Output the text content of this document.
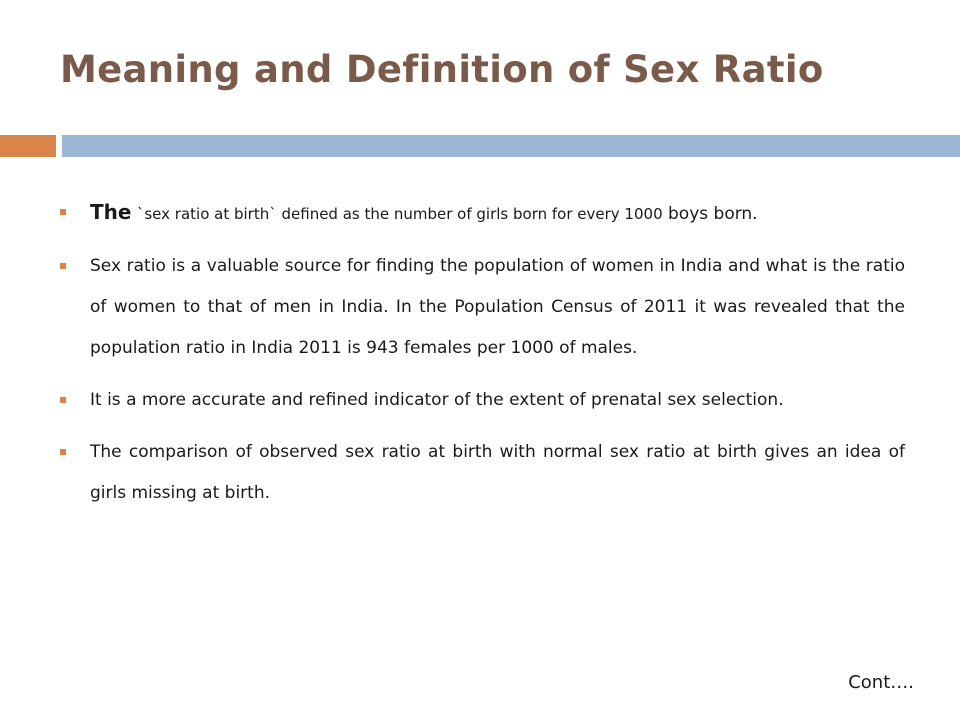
Meaning and Definition of Sex Ratio
The `sex ratio at birth` defined as the number of girls born for every 1000 boys born.
Sex ratio is a valuable source for finding the population of women in India and what is the ratio of women to that of men in India. In the Population Census of 2011 it was revealed that the population ratio in India 2011 is 943 females per 1000 of males.
It is a more accurate and refined indicator of the extent of prenatal sex selection.
The comparison of observed sex ratio at birth with normal sex ratio at birth gives an idea of girls missing at birth.

Cont….
